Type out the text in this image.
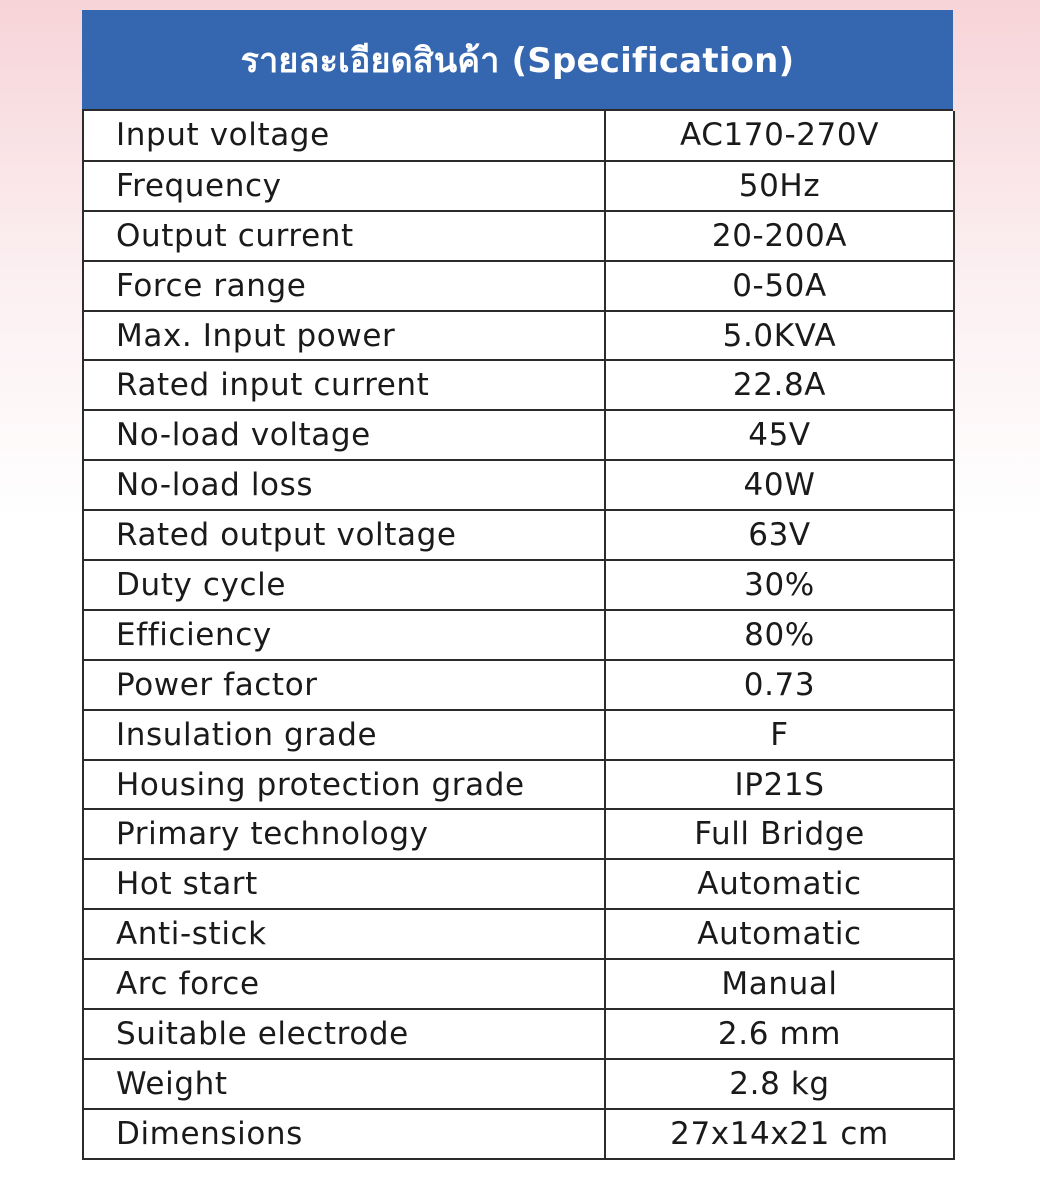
รายละเอียดสินค้า (Specification)
Input voltage	AC170-270V
Frequency	50Hz
Output current	20-200A
Force range	0-50A
Max. Input power	5.0KVA
Rated input current	22.8A
No-load voltage	45V
No-load loss	40W
Rated output voltage	63V
Duty cycle	30%
Efficiency	80%
Power factor	0.73
Insulation grade	F
Housing protection grade	IP21S
Primary technology	Full Bridge
Hot start	Automatic
Anti-stick	Automatic
Arc force	Manual
Suitable electrode	2.6 mm
Weight	2.8 kg
Dimensions	27x14x21 cm
